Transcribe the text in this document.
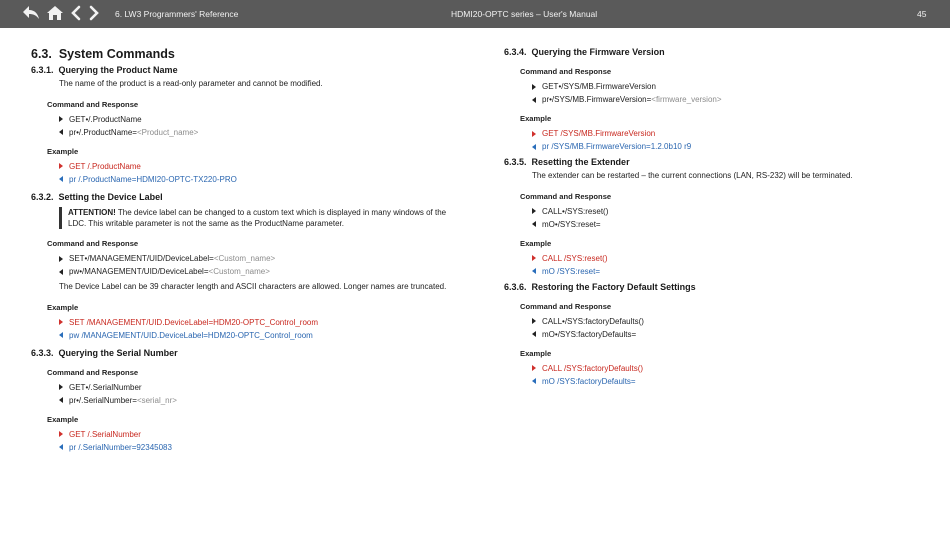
6. LW3 Programmers' Reference	HDMI20-OPTC series – User's Manual	45
6.3. System Commands
6.3.1. Querying the Product Name
The name of the product is a read-only parameter and cannot be modified.
Command and Response
GET•/.ProductName
pr•/.ProductName= <Product_name>
Example
GET /.ProductName
pr /.ProductName=HDMI20-OPTC-TX220-PRO
6.3.2. Setting the Device Label
ATTENTION! The device label can be changed to a custom text which is displayed in many windows of the LDC. This writable parameter is not the same as the ProductName parameter.
Command and Response
SET•/MANAGEMENT/UID/DeviceLabel= <Custom_name>
pw•/MANAGEMENT/UID/DeviceLabel= <Custom_name>
The Device Label can be 39 character length and ASCII characters are allowed. Longer names are truncated.
Example
SET /MANAGEMENT/UID.DeviceLabel=HDM20-OPTC_Control_room
pw /MANAGEMENT/UID.DeviceLabel=HDM20-OPTC_Control_room
6.3.3. Querying the Serial Number
Command and Response
GET•/.SerialNumber
pr•/.SerialNumber= <serial_nr>
Example
GET /.SerialNumber
pr /.SerialNumber=92345083
6.3.4. Querying the Firmware Version
Command and Response
GET•/SYS/MB.FirmwareVersion
pr•/SYS/MB.FirmwareVersion= <firmware_version>
Example
GET /SYS/MB.FirmwareVersion
pr /SYS/MB.FirmwareVersion=1.2.0b10 r9
6.3.5. Resetting the Extender
The extender can be restarted – the current connections (LAN, RS-232) will be terminated.
Command and Response
CALL•/SYS:reset()
mO•/SYS:reset=
Example
CALL /SYS:reset()
mO /SYS:reset=
6.3.6. Restoring the Factory Default Settings
Command and Response
CALL•/SYS:factoryDefaults()
mO•/SYS:factoryDefaults=
Example
CALL /SYS:factoryDefaults()
mO /SYS:factoryDefaults=
